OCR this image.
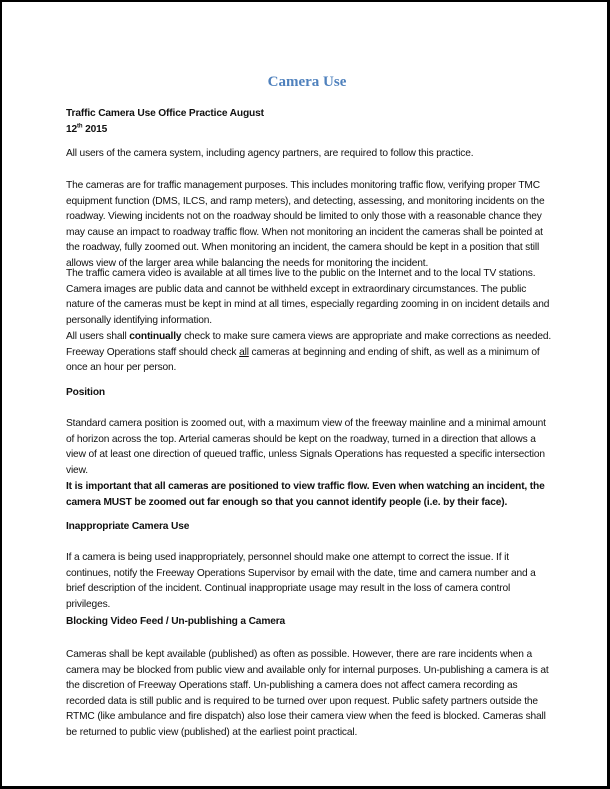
Camera Use

Traffic Camera Use Office Practice August
12th 2015

All users of the camera system, including agency partners, are required to follow this practice.

The cameras are for traffic management purposes. This includes monitoring traffic flow, verifying proper TMC equipment function (DMS, ILCS, and ramp meters), and detecting, assessing, and monitoring incidents on the roadway. Viewing incidents not on the roadway should be limited to only those with a reasonable chance they may cause an impact to roadway traffic flow. When not monitoring an incident the cameras shall be pointed at the roadway, fully zoomed out. When monitoring an incident, the camera should be kept in a position that still allows view of the larger area while balancing the needs for monitoring the incident.

The traffic camera video is available at all times live to the public on the Internet and to the local TV stations. Camera images are public data and cannot be withheld except in extraordinary circumstances. The public nature of the cameras must be kept in mind at all times, especially regarding zooming in on incident details and personally identifying information.

All users shall continually check to make sure camera views are appropriate and make corrections as needed. Freeway Operations staff should check all cameras at beginning and ending of shift, as well as a minimum of once an hour per person.

Position

Standard camera position is zoomed out, with a maximum view of the freeway mainline and a minimal amount of horizon across the top. Arterial cameras should be kept on the roadway, turned in a direction that allows a view of at least one direction of queued traffic, unless Signals Operations has requested a specific intersection view.

It is important that all cameras are positioned to view traffic flow. Even when watching an incident, the camera MUST be zoomed out far enough so that you cannot identify people (i.e. by their face).

Inappropriate Camera Use

If a camera is being used inappropriately, personnel should make one attempt to correct the issue. If it continues, notify the Freeway Operations Supervisor by email with the date, time and camera number and a brief description of the incident. Continual inappropriate usage may result in the loss of camera control privileges.

Blocking Video Feed / Un-publishing a Camera

Cameras shall be kept available (published) as often as possible. However, there are rare incidents when a camera may be blocked from public view and available only for internal purposes. Un-publishing a camera is at the discretion of Freeway Operations staff. Un-publishing a camera does not affect camera recording as recorded data is still public and is required to be turned over upon request. Public safety partners outside the RTMC (like ambulance and fire dispatch) also lose their camera view when the feed is blocked. Cameras shall be returned to public view (published) at the earliest point practical.
